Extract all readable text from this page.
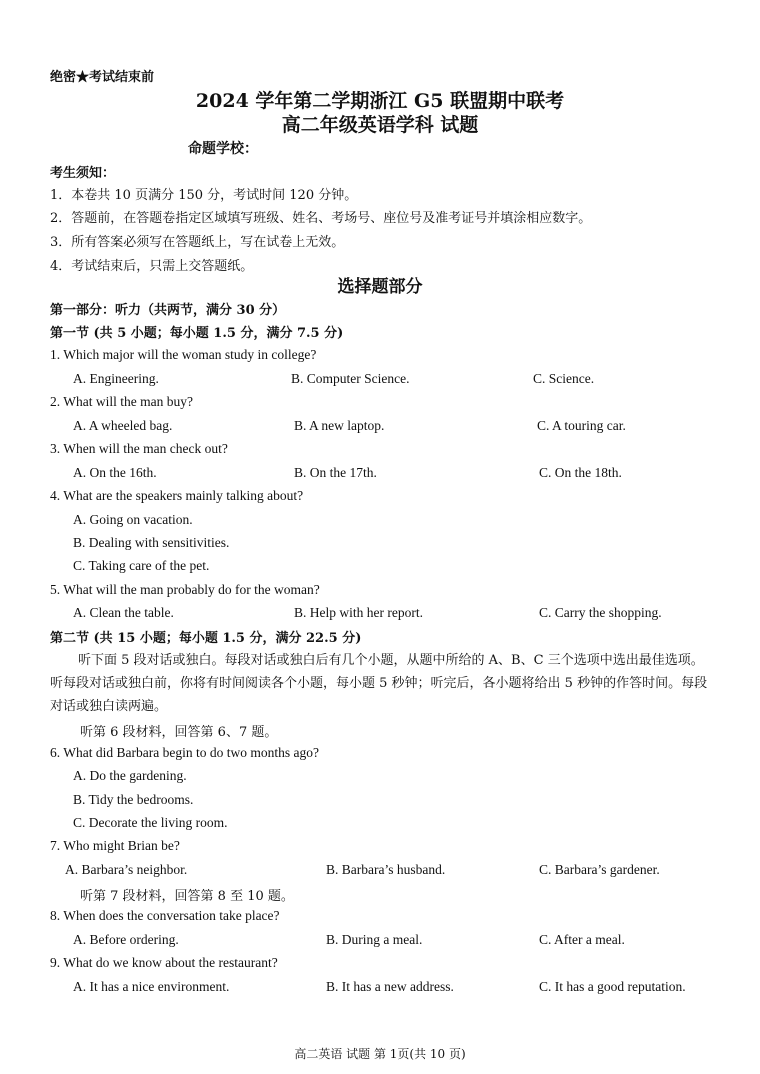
绝密★考试结束前
2024 学年第二学期浙江 G5 联盟期中联考
高二年级英语学科 试题
命题学校：
考生须知：
1．本卷共 10 页满分 150 分，考试时间 120 分钟。
2．答题前，在答题卷指定区域填写班级、姓名、考场号、座位号及准考证号并填涂相应数字。
3．所有答案必须写在答题纸上，写在试卷上无效。
4．考试结束后，只需上交答题纸。
选择题部分
第一部分：听力（共两节，满分 30 分）
第一节 (共 5 小题；每小题 1.5 分，满分 7.5 分)
1. Which major will the woman study in college?
A. Engineering.	B. Computer Science.	C. Science.
2. What will the man buy?
A. A wheeled bag.	B. A new laptop.	C. A touring car.
3. When will the man check out?
A. On the 16th.	B. On the 17th.	C. On the 18th.
4. What are the speakers mainly talking about?
A. Going on vacation.
B. Dealing with sensitivities.
C. Taking care of the pet.
5. What will the man probably do for the woman?
A. Clean the table.	B. Help with her report.	C. Carry the shopping.
第二节 (共 15 小题；每小题 1.5 分，满分 22.5 分)

听下面 5 段对话或独白。每段对话或独白后有几个小题，从题中所给的 A、B、C 三个选项中选出最佳选项。听每段对话或独白前，你将有时间阅读各个小题，每小题 5 秒钟；听完后，各小题将给出 5 秒钟的作答时间。每段对话或独白读两遍。

听第 6 段材料，回答第 6、7 题。
6. What did Barbara begin to do two months ago?
A. Do the gardening.
B. Tidy the bedrooms.
C. Decorate the living room.
7. Who might Brian be?
A. Barbara’s neighbor.	B. Barbara’s husband.	C. Barbara’s gardener.
听第 7 段材料，回答第 8 至 10 题。
8. When does the conversation take place?
A. Before ordering.	B. During a meal.	C. After a meal.
9. What do we know about the restaurant?
A. It has a nice environment.	B. It has a new address.	C. It has a good reputation.
高二英语 试题 第 1页(共 10 页)
